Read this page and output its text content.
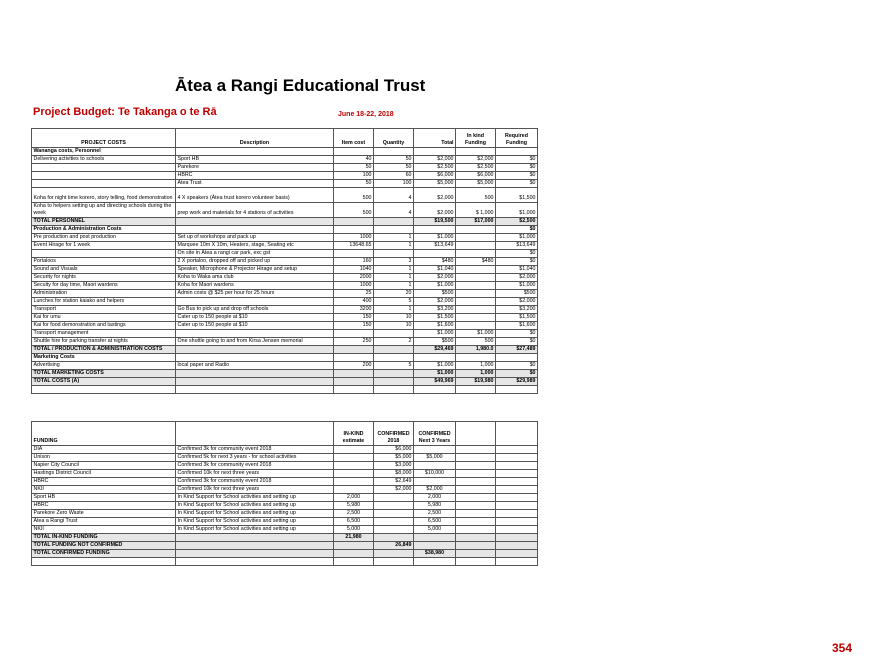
Ātea a Rangi Educational Trust
Project Budget: Te Takanga o te Rā	June 18-22, 2018
PROJECT COSTS	Description	Item cost	Quantity	Total	In kind Funding	Required Funding
Wananga costs, Personnel						
Delivering activities to schools	Sport HB	40	50	$2,000	$2,000	$0
	Parekore	50	50	$2,500	$2,500	$0
	HBRC	100	60	$6,000	$6,000	$0
	Ātea Trust	50	100	$5,000	$5,000	$0
Koha for night time korero, story telling, food demonstration	4 X speakers (Ātea trust korero volunteer basis)	500	4	$2,000	500	$1,500
Koha to helpers setting up and directing schools during the week	prep work and materials for 4 stations of activities	500	4	$2,000	$ 1,000	$1,000
TOTAL PERSONNEL				$19,500	$17,000	$2,500
Production & Administration Costs						$0
Pre production and post production	Set up of workshops and pack up	1000	1	$1,000		$1,000
Event Hirage for 1 week	Marquee 10m X 10m, Heaters, stage, Seating etc	13648.65	1	$13,649		$13,649
	On site in Ātea a rangi car park, exc gst					$0
Portaloos	2 X portaloo, dropped off and picked up	160	3	$480	$480	$0
Sound and Visuals	Speaker, Microphone & Projector Hirage and setup	1040	1	$1,040		$1,040
Security for nights	Koha to Waka ama club	2000	1	$2,000		$2,000
Secuity for day time, Maori wardens	Koha for Maori wardens	1000	1	$1,000		$1,000
Administration	Admin costs @ $25 per hour for 25 hours	25	20	$500		$500
Lunches for station kaiako and helpers		400	5	$2,000		$2,000
Transport	Go Bus to pick up and drop off schools	3200	1	$3,200		$3,200
Kai for umu	Cater up to 150 people at $10	150	10	$1,500		$1,500
Kai for food demonstration and tastings	Cater up to 150 people at $10	150	10	$1,600		$1,600
Transport management				$1,000	$1,000	$0
Shuttle hire for parking transfer at nights	One shuttle going to and from Kirsa Jensen memorial	250	2	$500	500	$0
TOTAL / PRODUCTION & ADMINISTRATION COSTS				$29,469	1,980.0	$27,489
Marketing Costs						
Advertising	local paper and Radio	200	5	$1,000	1,000	$0
TOTAL MARKETING COSTS				$1,000	1,000	$0
TOTAL COSTS (A)				$49,969	$19,980	$29,989

FUNDING		IN-KIND estimate	CONFIRMED 2018	CONFIRMED Next 3 Years		
DIA	Confirmed 3k for community event 2018		$6,000			
Unison	Confirmed 5k for next 3 years - for school activities		$5,000	$5,000		
Napier City Council	Confirmed 3k for community event 2018		$3,000			
Hastings District Council	Confirmed 10k for next three years		$8,000	$10,000		
HBRC	Confirmed 3k for community event 2018		$2,649			
NKII	Confirmed 10k for next three years		$2,000	$2,000		
Sport HB	In Kind Support for School activities and setting up	2,000		2,000		
HBRC	In Kind Support for School activities and setting up	5,980		5,980		
Parekore Zero Waste	In Kind Support for School activities and setting up	2,500		2,500		
Ātea a Rangi Trust	In Kind Support for School activities and setting up	6,500		6,500		
NKII	In Kind Support for School activities and setting up	5,000		5,000		
TOTAL IN-KIND FUNDING		21,980				
TOTAL FUNDING NOT CONFIRMED			26,849			
TOTAL CONFIRMED FUNDING				$38,980		

354
